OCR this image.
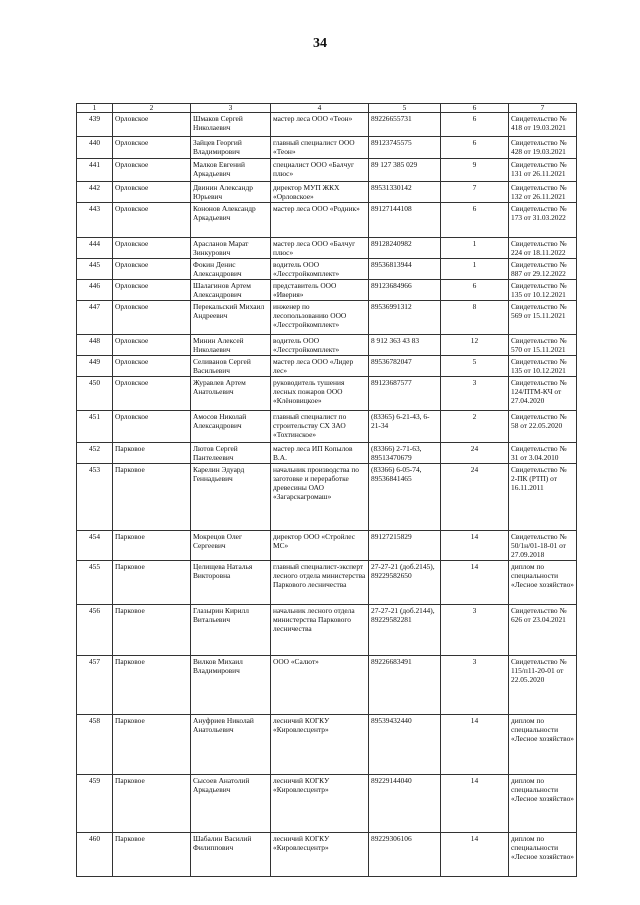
34
1	2	3	4	5	6	7
439	Орловское	Шмаков Сергей Николаевич	мастер леса ООО «Теон»	89226655731	6	Свидетельство № 418 от 19.03.2021
440	Орловское	Зайцев Георгий Владимирович	главный специалист ООО «Теон»	89123745575	6	Свидетельство № 428 от 19.03.2021
441	Орловское	Малков Евгений Аркадьевич	специалист ООО «Балчуг плюс»	89 127 385 029	9	Свидетельство № 131 от 26.11.2021
442	Орловское	Двинин Александр Юрьевич	директор МУП ЖКХ «Орловское»	89531330142	7	Свидетельство № 132 от 26.11.2021
443	Орловское	Кононов Александр Аркадьевич	мастер леса ООО «Родник»	89127144108	6	Свидетельство № 173 от 31.03.2022
444	Орловское	Арасланов Марат Зинкурович	мастер леса ООО «Балчуг плюс»	89128240982	1	Свидетельство № 224 от 18.11.2022
445	Орловское	Фокин Денис Александрович	водитель ООО «Лесстройкомплект»	89536813944	1	Свидетельство № 887 от 29.12.2022
446	Орловское	Шалагинов Артем Александрович	представитель ООО «Иверия»	89123684966	6	Свидетельство № 135 от 10.12.2021
447	Орловское	Перекальский Михаил Андреевич	инженер по лесопользованию ООО «Лесстройкомплект»	89536991312	8	Свидетельство № 569 от 15.11.2021
448	Орловское	Минин Алексей Николаевич	водитель ООО «Лесстройкомплект»	8 912 363 43 83	12	Свидетельство № 570 от 15.11.2021
449	Орловское	Селиванов Сергей Васильевич	мастер леса ООО «Лидер лес»	89536782047	5	Свидетельство № 135 от 10.12.2021
450	Орловское	Журавлев Артем Анатольевич	руководитель тушения лесных пожаров ООО «Клёновицкое»	89123687577	3	Свидетельство № 124/ПТМ-КЧ от 27.04.2020
451	Орловское	Амосов Николай Александрович	главный специалист по строительству СХ ЗАО «Тохтинское»	(83365) 6-21-43, 6-21-34	2	Свидетельство № 58 от 22.05.2020
452	Парковое	Лютов Сергей Пантелеевич	мастер леса ИП Копылов В.А.	(83366) 2-71-63, 89513470679	24	Свидетельство № 31 от 3.04.2010
453	Парковое	Карелин Эдуард Геннадьевич	начальник производства по заготовке и переработке древесины ОАО «Загарскагромаш»	(83366) 6-05-74, 89536841465	24	Свидетельство № 2-ПК (РТП) от 16.11.2011
454	Парковое	Мокрецов Олег Сергеевич	директор ООО «Стройлес МС»	89127215829	14	Свидетельство № 50/1н/01-18-01 от 27.09.2018
455	Парковое	Целищева Наталья Викторовна	главный специалист-эксперт лесного отдела министерства Паркового лесничества	27-27-21 (доб.2145), 89229582650	14	диплом по специальности «Лесное хозяйство»
456	Парковое	Глазырин Кирилл Витальевич	начальник лесного отдела министерства Паркового лесничества	27-27-21 (доб.2144), 89229582281	3	Свидетельство № 626 от 23.04.2021
457	Парковое	Вилков Михаил Владимирович	ООО «Салют»	89226683491	3	Свидетельство № 115/п11-20-01 от 22.05.2020
458	Парковое	Ануфриев Николай Анатольевич	лесничий КОГКУ «Кировлесцентр»	89539432440	14	диплом по специальности «Лесное хозяйство»
459	Парковое	Сысоев Анатолий Аркадьевич	лесничий КОГКУ «Кировлесцентр»	89229144040	14	диплом по специальности «Лесное хозяйство»
460	Парковое	Шабалин Василий Филиппович	лесничий КОГКУ «Кировлесцентр»	89229306106	14	диплом по специальности «Лесное хозяйство»
